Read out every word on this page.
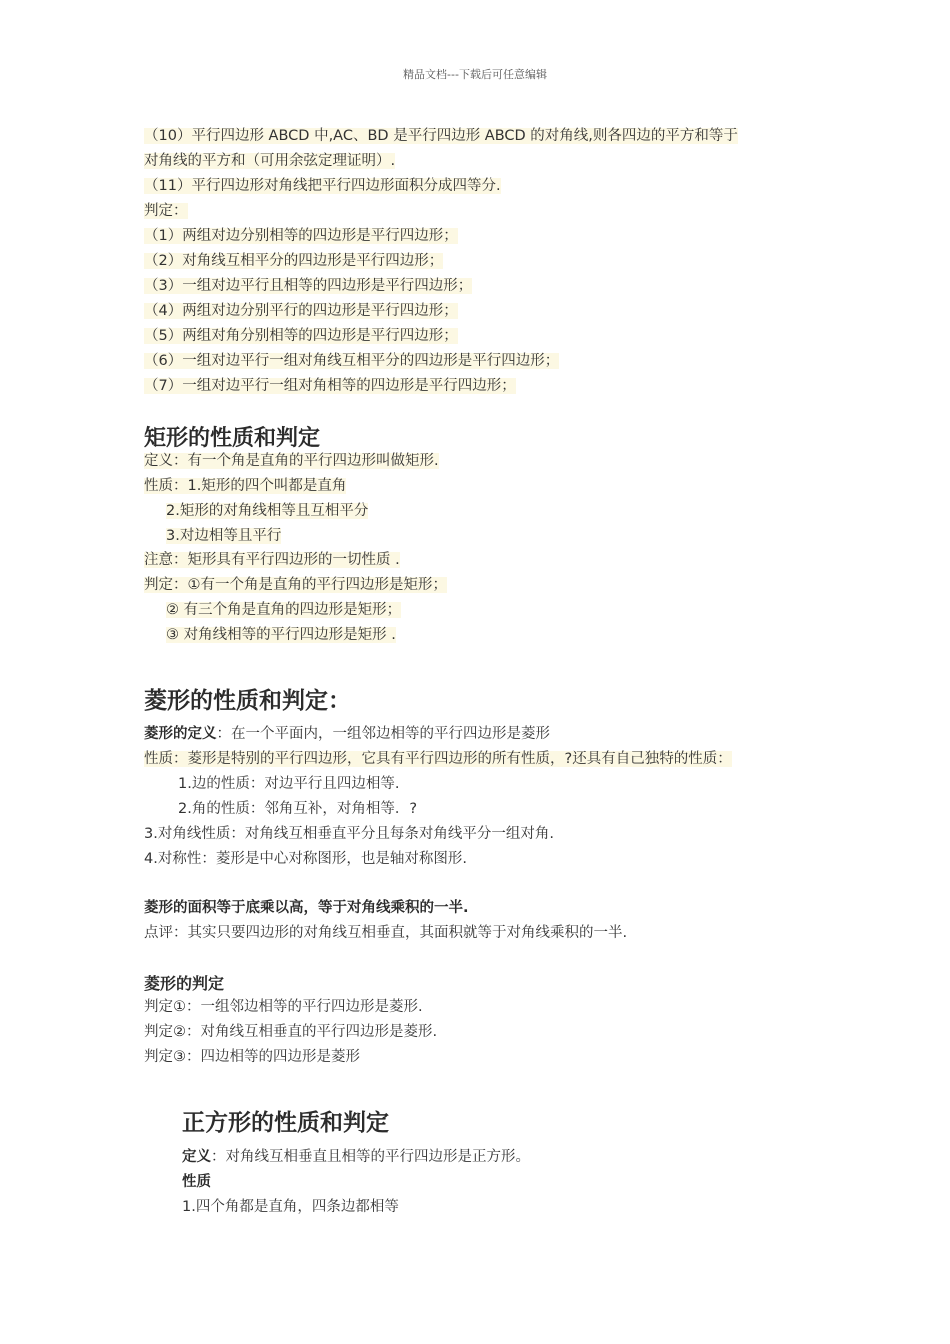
精品文档---下载后可任意编辑
（10）平行四边形 ABCD 中,AC、BD 是平行四边形 ABCD 的对角线,则各四边的平方和等于
对角线的平方和（可用余弦定理证明）.
（11）平行四边形对角线把平行四边形面积分成四等分.
判定：
（1）两组对边分别相等的四边形是平行四边形；
（2）对角线互相平分的四边形是平行四边形；
（3）一组对边平行且相等的四边形是平行四边形；
（4）两组对边分别平行的四边形是平行四边形；
（5）两组对角分别相等的四边形是平行四边形；
（6）一组对边平行一组对角线互相平分的四边形是平行四边形；
（7）一组对边平行一组对角相等的四边形是平行四边形；
矩形的性质和判定
定义：有一个角是直角的平行四边形叫做矩形.
性质：1.矩形的四个叫都是直角
2.矩形的对角线相等且互相平分
3.对边相等且平行
注意：矩形具有平行四边形的一切性质 .
判定：①有一个角是直角的平行四边形是矩形；
② 有三个角是直角的四边形是矩形；
③ 对角线相等的平行四边形是矩形 .
菱形的性质和判定：
菱形的定义：在一个平面内，一组邻边相等的平行四边形是菱形
性质：菱形是特别的平行四边形，它具有平行四边形的所有性质，?还具有自己独特的性质：
1.边的性质：对边平行且四边相等.
2.角的性质：邻角互补，对角相等．?
3.对角线性质：对角线互相垂直平分且每条对角线平分一组对角.
4.对称性：菱形是中心对称图形，也是轴对称图形.
菱形的面积等于底乘以高，等于对角线乘积的一半.
点评：其实只要四边形的对角线互相垂直，其面积就等于对角线乘积的一半.
菱形的判定
判定①：一组邻边相等的平行四边形是菱形.
判定②：对角线互相垂直的平行四边形是菱形.
判定③：四边相等的四边形是菱形
正方形的性质和判定
定义：对角线互相垂直且相等的平行四边形是正方形。
性质
1.四个角都是直角，四条边都相等
